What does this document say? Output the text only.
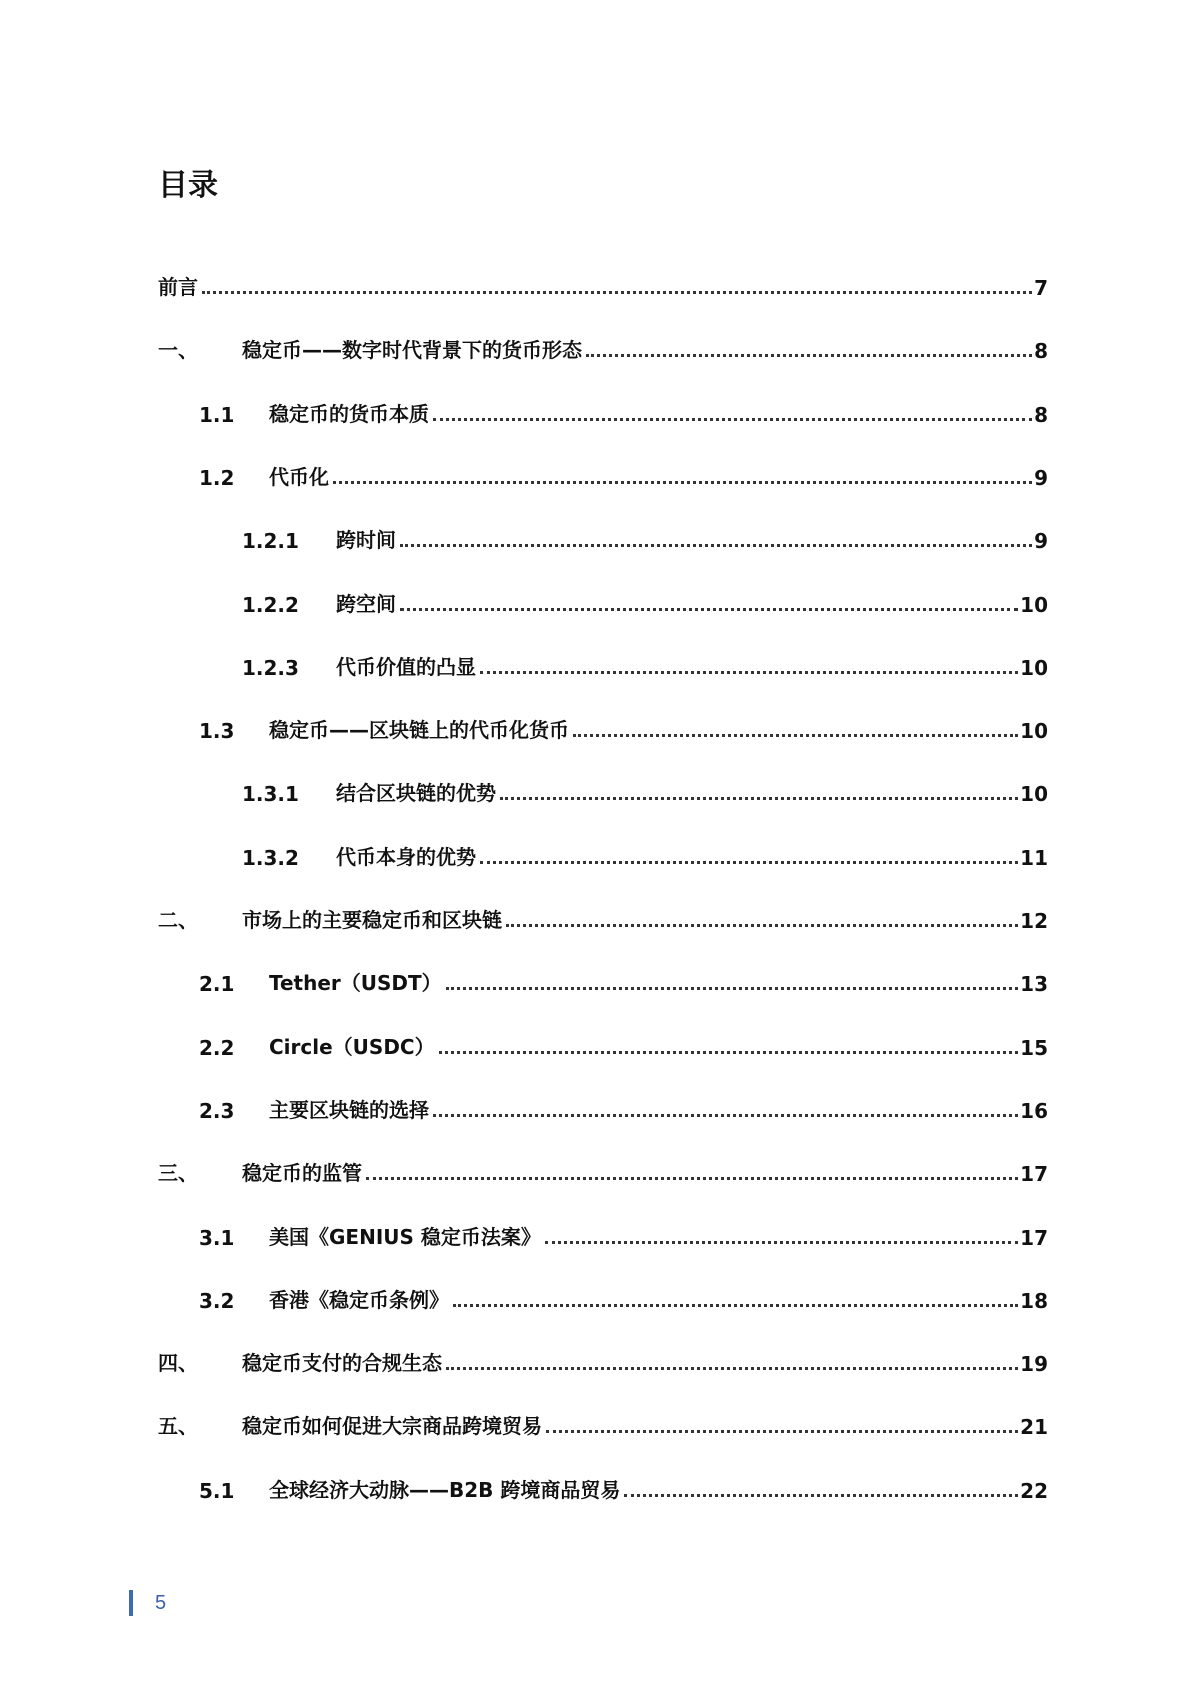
目录
前言	7
一、 稳定币——数字时代背景下的货币形态	8
1.1 稳定币的货币本质	8
1.2 代币化	9
1.2.1 跨时间	9
1.2.2 跨空间	10
1.2.3 代币价值的凸显	10
1.3 稳定币——区块链上的代币化货币	10
1.3.1 结合区块链的优势	10
1.3.2 代币本身的优势	11
二、 市场上的主要稳定币和区块链	12
2.1 Tether（USDT）	13
2.2 Circle（USDC）	15
2.3 主要区块链的选择	16
三、 稳定币的监管	17
3.1 美国《GENIUS 稳定币法案》	17
3.2 香港《稳定币条例》	18
四、 稳定币支付的合规生态	19
五、 稳定币如何促进大宗商品跨境贸易	21
5.1 全球经济大动脉——B2B 跨境商品贸易	22
5
